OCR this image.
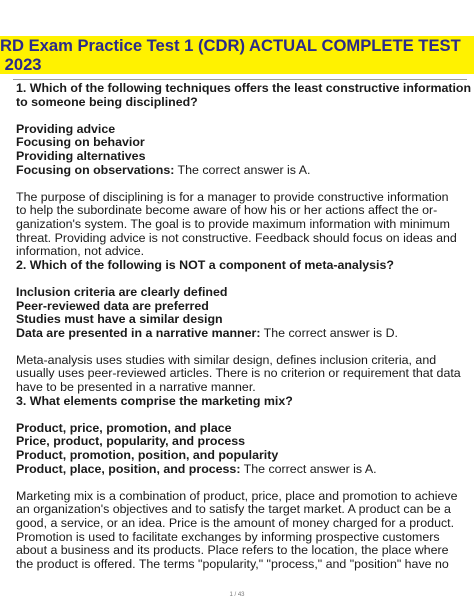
RD Exam Practice Test 1 (CDR) ACTUAL COMPLETE TEST
2023
1. Which of the following techniques offers the least constructive information
to someone being disciplined?
Providing advice
Focusing on behavior
Providing alternatives
Focusing on observations: The correct answer is A.
The purpose of disciplining is for a manager to provide constructive information
to help the subordinate become aware of how his or her actions affect the or-
ganization's system. The goal is to provide maximum information with minimum
threat. Providing advice is not constructive. Feedback should focus on ideas and
information, not advice.
2. Which of the following is NOT a component of meta-analysis?
Inclusion criteria are clearly defined
Peer-reviewed data are preferred
Studies must have a similar design
Data are presented in a narrative manner: The correct answer is D.
Meta-analysis uses studies with similar design, defines inclusion criteria, and
usually uses peer-reviewed articles. There is no criterion or requirement that data
have to be presented in a narrative manner.
3. What elements comprise the marketing mix?
Product, price, promotion, and place
Price, product, popularity, and process
Product, promotion, position, and popularity
Product, place, position, and process: The correct answer is A.
Marketing mix is a combination of product, price, place and promotion to achieve
an organization's objectives and to satisfy the target market. A product can be a
good, a service, or an idea. Price is the amount of money charged for a product.
Promotion is used to facilitate exchanges by informing prospective customers
about a business and its products. Place refers to the location, the place where
the product is offered. The terms "popularity," "process," and "position" have no
1 / 43
